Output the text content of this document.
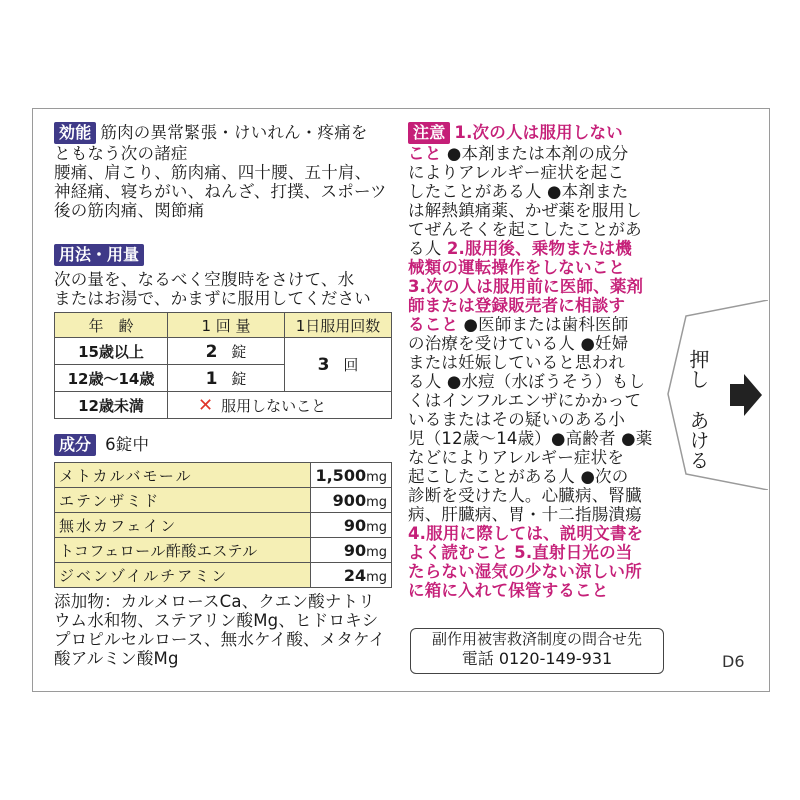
効能 筋肉の異常緊張・けいれん・疼痛を
ともなう次の諸症
腰痛、肩こり、筋肉痛、四十腰、五十肩、
神経痛、寝ちがい、ねんざ、打撲、スポーツ
後の筋肉痛、関節痛
用法・用量
次の量を、なるべく空腹時をさけて、水
またはお湯で、かまずに服用してください
年　齢	1 回 量	1日服用回数
15歳以上	2 錠	3 回
12歳〜14歳	1 錠	
12歳未満	✕ 服用しないこと	
成分 6錠中
メトカルバモール	1,500mg
エテンザミド	900mg
無水カフェイン	90mg
トコフェロール酢酸エステル	90mg
ジベンゾイルチアミン	24mg
添加物：カルメロースCa、クエン酸ナトリ
ウム水和物、ステアリン酸Mg、ヒドロキシ
プロピルセルロース、無水ケイ酸、メタケイ
酸アルミン酸Mg
注意 1.次の人は服用しない
こと ●本剤または本剤の成分
によりアレルギー症状を起こ
したことがある人 ●本剤また
は解熱鎮痛薬、かぜ薬を服用し
てぜんそくを起こしたことがあ
る人 2.服用後、乗物または機
械類の運転操作をしないこと
3.次の人は服用前に医師、薬剤
師または登録販売者に相談す
ること ●医師または歯科医師
の治療を受けている人 ●妊婦
または妊娠していると思われ
る人 ●水痘（水ぼうそう）もし
くはインフルエンザにかかって
いるまたはその疑いのある小
児（12歳〜14歳）●高齢者 ●薬
などによりアレルギー症状を
起こしたことがある人 ●次の
診断を受けた人。心臓病、腎臓
病、肝臓病、胃・十二指腸潰瘍
4.服用に際しては、説明文書を
よく読むこと 5.直射日光の当
たらない湿気の少ない涼しい所
に箱に入れて保管すること
副作用被害救済制度の問合せ先
電話 0120-149-931
押し
あける
D6
